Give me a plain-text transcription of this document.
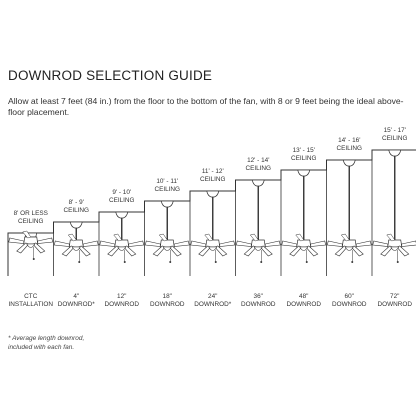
DOWNROD SELECTION GUIDE
Allow at least 7 feet (84 in.) from the floor to the bottom of the fan, with 8 or 9 feet being the ideal above-floor placement.
8' OR LESS
CEILING
CTC
INSTALLATION
8' - 9'
CEILING
4"
DOWNROD*
9' - 10'
CEILING
12"
DOWNROD
10' - 11'
CEILING
18"
DOWNROD
11' - 12'
CEILING
24"
DOWNROD*
12' - 14'
CEILING
36"
DOWNROD
13' - 15'
CEILING
48"
DOWNROD
14' - 16'
CEILING
60"
DOWNROD
15' - 17'
CEILING
72"
DOWNROD
* Average length downrod,
included with each fan.
